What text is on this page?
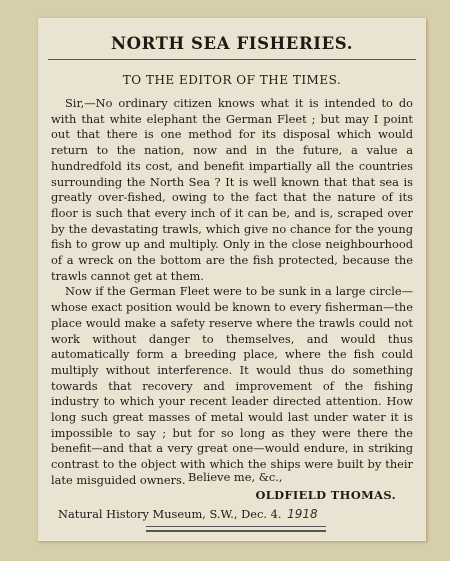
NORTH SEA FISHERIES.
TO THE EDITOR OF THE TIMES.

Sir,—No ordinary citizen knows what it is intended to do with that white elephant the German Fleet ; but may I point out that there is one method for its disposal which would return to the nation, now and in the future, a value a hundredfold its cost, and benefit impartially all the countries surrounding the North Sea ? It is well known that that sea is greatly over-fished, owing to the fact that the nature of its floor is such that every inch of it can be, and is, scraped over by the devastating trawls, which give no chance for the young fish to grow up and multiply. Only in the close neighbourhood of a wreck on the bottom are the fish protected, because the trawls cannot get at them.

Now if the German Fleet were to be sunk in a large circle—whose exact position would be known to every fisherman—the place would make a safety reserve where the trawls could not work without danger to themselves, and would thus automatically form a breeding place, where the fish could multiply without interference. It would thus do something towards that recovery and improvement of the fishing industry to which your recent leader directed attention. How long such great masses of metal would last under water it is impossible to say ; but for so long as they were there the benefit—and that a very great one—would endure, in striking contrast to the object with which the ships were built by their late misguided owners. Believe me, &c.,
OLDFIELD THOMAS.
Natural History Museum, S.W., Dec. 4. 1918
